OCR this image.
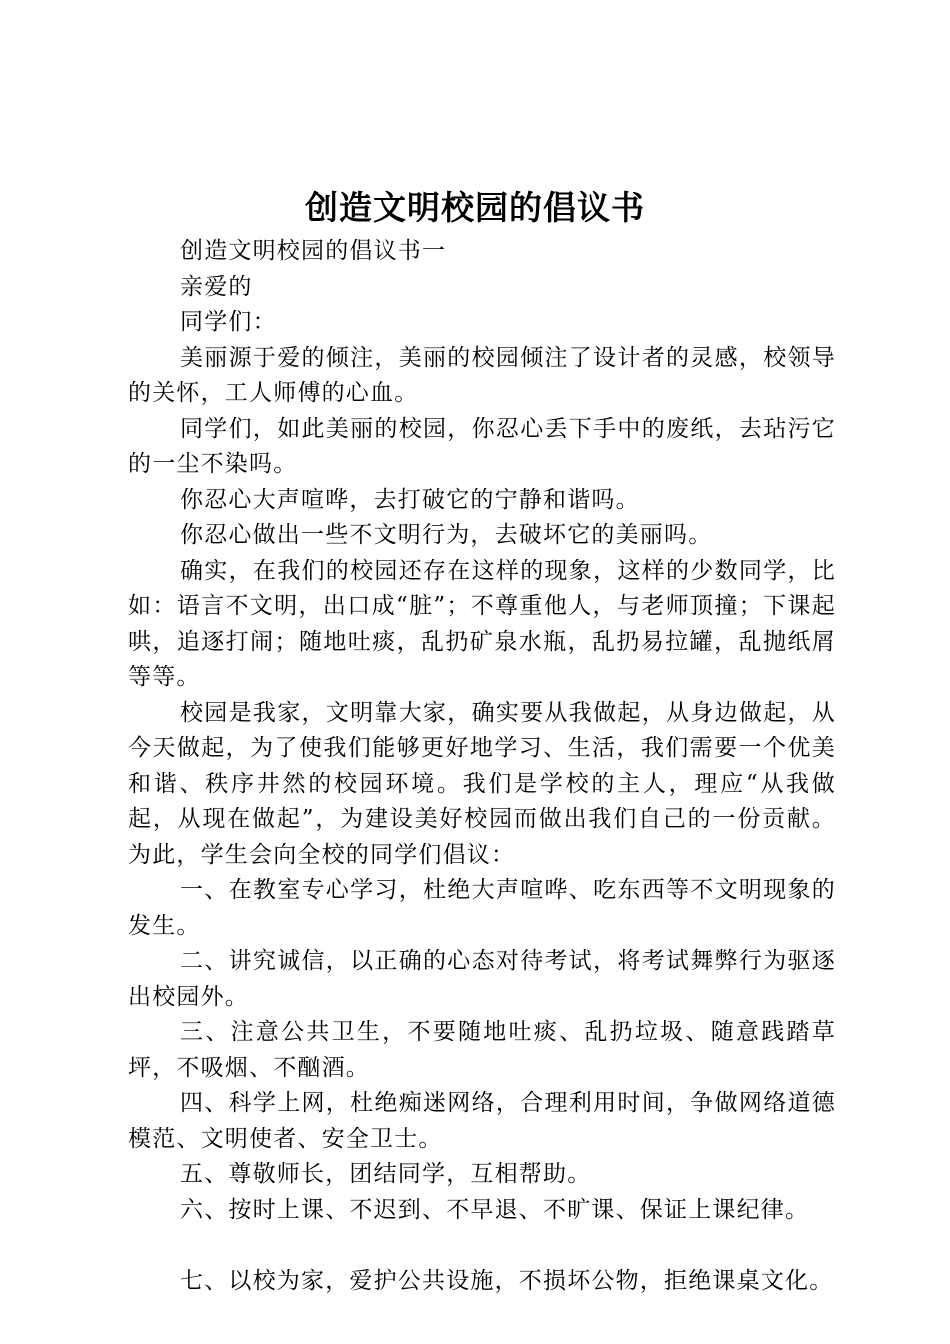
创造文明校园的倡议书

创造文明校园的倡议书一

亲爱的

同学们：

美丽源于爱的倾注，美丽的校园倾注了设计者的灵感，校领导的关怀，工人师傅的心血。

同学们，如此美丽的校园，你忍心丢下手中的废纸，去玷污它的一尘不染吗。

你忍心大声喧哗，去打破它的宁静和谐吗。

你忍心做出一些不文明行为，去破坏它的美丽吗。

确实，在我们的校园还存在这样的现象，这样的少数同学，比如：语言不文明，出口成“脏”；不尊重他人，与老师顶撞；下课起哄，追逐打闹；随地吐痰，乱扔矿泉水瓶，乱扔易拉罐，乱抛纸屑等等。

校园是我家，文明靠大家，确实要从我做起，从身边做起，从今天做起，为了使我们能够更好地学习、生活，我们需要一个优美和谐、秩序井然的校园环境。我们是学校的主人，理应“从我做起，从现在做起”，为建设美好校园而做出我们自己的一份贡献。为此，学生会向全校的同学们倡议：

一、在教室专心学习，杜绝大声喧哗、吃东西等不文明现象的发生。

二、讲究诚信，以正确的心态对待考试，将考试舞弊行为驱逐出校园外。

三、注意公共卫生，不要随地吐痰、乱扔垃圾、随意践踏草坪，不吸烟、不酗酒。

四、科学上网，杜绝痴迷网络，合理利用时间，争做网络道德模范、文明使者、安全卫士。

五、尊敬师长，团结同学，互相帮助。

六、按时上课、不迟到、不早退、不旷课、保证上课纪律。

七、以校为家，爱护公共设施，不损坏公物，拒绝课桌文化。
